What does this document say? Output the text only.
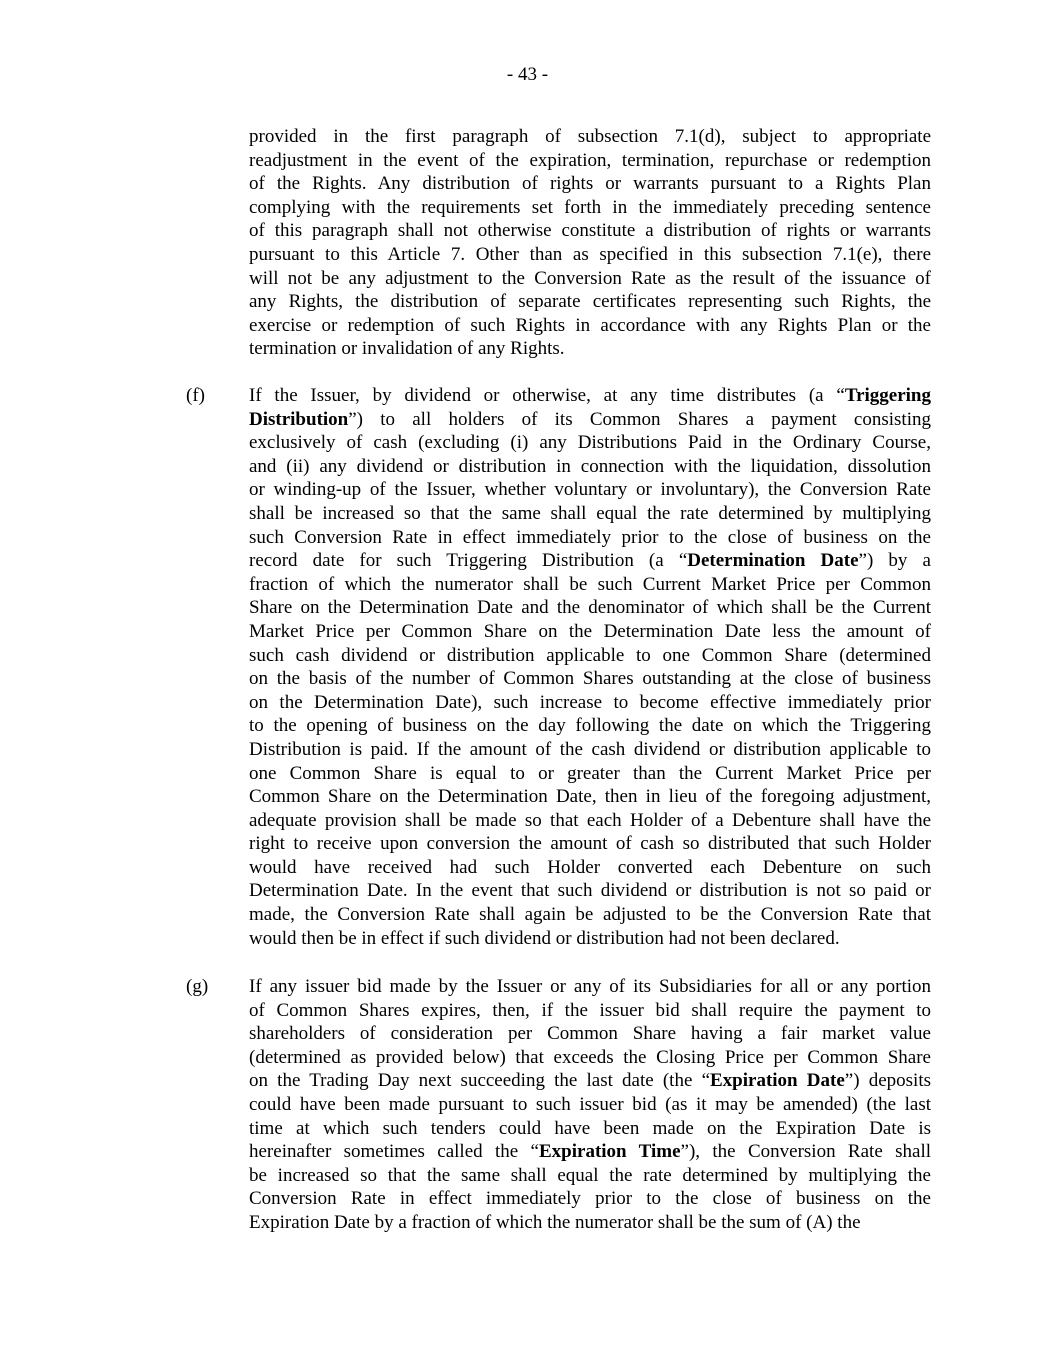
- 43 -
provided in the first paragraph of subsection 7.1(d), subject to appropriate
readjustment in the event of the expiration, termination, repurchase or redemption
of the Rights. Any distribution of rights or warrants pursuant to a Rights Plan
complying with the requirements set forth in the immediately preceding sentence
of this paragraph shall not otherwise constitute a distribution of rights or warrants
pursuant to this Article 7. Other than as specified in this subsection 7.1(e), there
will not be any adjustment to the Conversion Rate as the result of the issuance of
any Rights, the distribution of separate certificates representing such Rights, the
exercise or redemption of such Rights in accordance with any Rights Plan or the
termination or invalidation of any Rights.
(f) If the Issuer, by dividend or otherwise, at any time distributes (a “Triggering
Distribution”) to all holders of its Common Shares a payment consisting
exclusively of cash (excluding (i) any Distributions Paid in the Ordinary Course,
and (ii) any dividend or distribution in connection with the liquidation, dissolution
or winding-up of the Issuer, whether voluntary or involuntary), the Conversion Rate
shall be increased so that the same shall equal the rate determined by multiplying
such Conversion Rate in effect immediately prior to the close of business on the
record date for such Triggering Distribution (a “Determination Date”) by a
fraction of which the numerator shall be such Current Market Price per Common
Share on the Determination Date and the denominator of which shall be the Current
Market Price per Common Share on the Determination Date less the amount of
such cash dividend or distribution applicable to one Common Share (determined
on the basis of the number of Common Shares outstanding at the close of business
on the Determination Date), such increase to become effective immediately prior
to the opening of business on the day following the date on which the Triggering
Distribution is paid. If the amount of the cash dividend or distribution applicable to
one Common Share is equal to or greater than the Current Market Price per
Common Share on the Determination Date, then in lieu of the foregoing adjustment,
adequate provision shall be made so that each Holder of a Debenture shall have the
right to receive upon conversion the amount of cash so distributed that such Holder
would have received had such Holder converted each Debenture on such
Determination Date. In the event that such dividend or distribution is not so paid or
made, the Conversion Rate shall again be adjusted to be the Conversion Rate that
would then be in effect if such dividend or distribution had not been declared.
(g) If any issuer bid made by the Issuer or any of its Subsidiaries for all or any portion
of Common Shares expires, then, if the issuer bid shall require the payment to
shareholders of consideration per Common Share having a fair market value
(determined as provided below) that exceeds the Closing Price per Common Share
on the Trading Day next succeeding the last date (the “Expiration Date”) deposits
could have been made pursuant to such issuer bid (as it may be amended) (the last
time at which such tenders could have been made on the Expiration Date is
hereinafter sometimes called the “Expiration Time”), the Conversion Rate shall
be increased so that the same shall equal the rate determined by multiplying the
Conversion Rate in effect immediately prior to the close of business on the
Expiration Date by a fraction of which the numerator shall be the sum of (A) the
